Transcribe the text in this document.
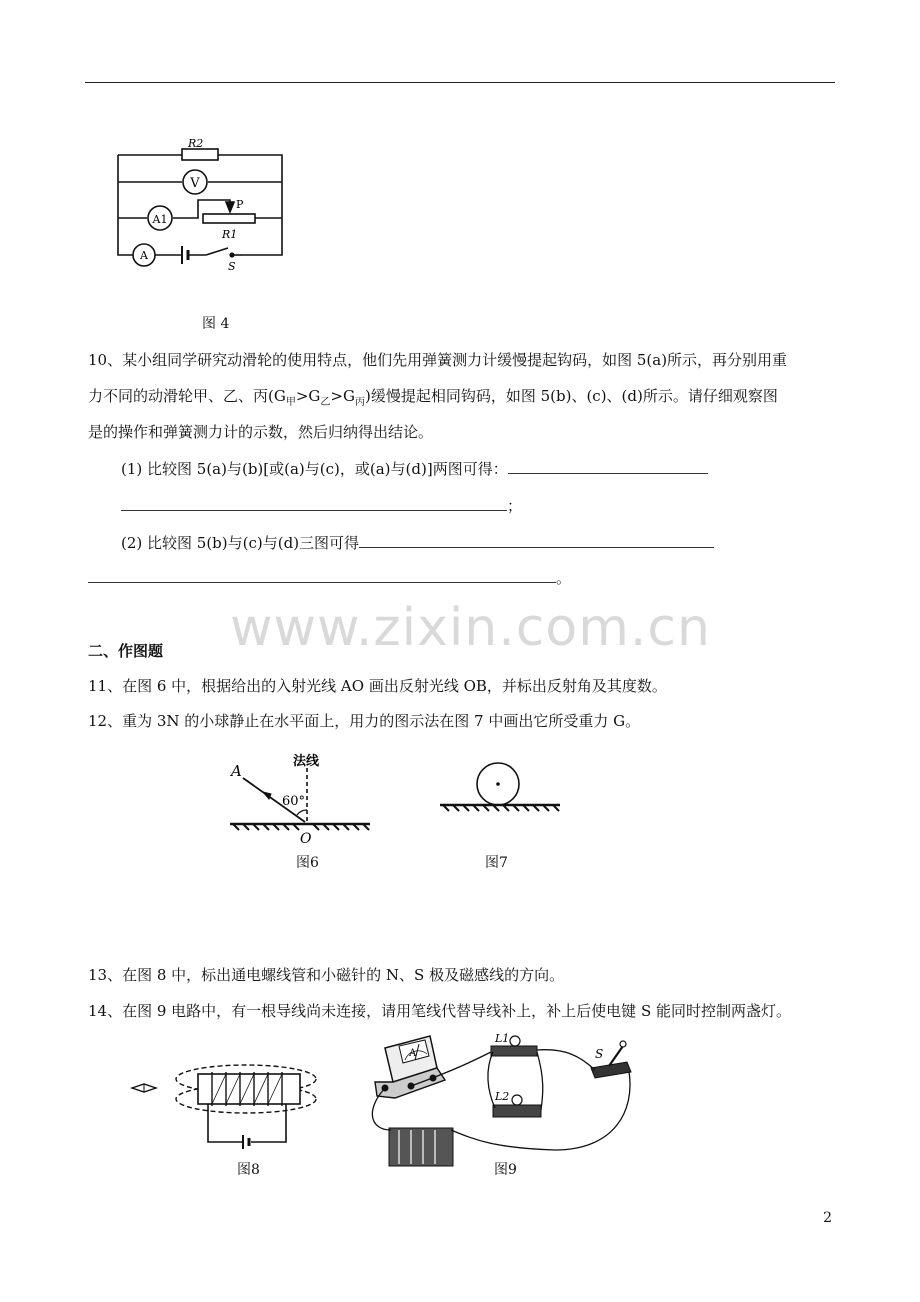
R2
V
A1
P
R1
A
S
图 4
10、某小组同学研究动滑轮的使用特点，他们先用弹簧测力计缓慢提起钩码，如图 5(a)所示，再分别用重
力不同的动滑轮甲、乙、丙$(G_甲>G_乙>G_丙)$缓慢提起相同钩码，如图 5(b)、(c)、(d)所示。请仔细观察图
是的操作和弹簧测力计的示数，然后归纳得出结论。
(1) 比较图 5(a)与(b)[或(a)与(c)，或(a)与(d)]两图可得：
；
(2) 比较图 5(b)与(c)与(d)三图可得
。
www.zixin.com.cn
二、作图题
11、在图 6 中，根据给出的入射光线 AO 画出反射光线 OB，并标出反射角及其度数。
12、重为 3N 的小球静止在水平面上，用力的图示法在图 7 中画出它所受重力 G。
A
法线
60°
O
图6	图7
13、在图 8 中，标出通电螺线管和小磁针的 N、S 极及磁感线的方向。
14、在图 9 电路中，有一根导线尚未连接，请用笔线代替导线补上，补上后使电键 S 能同时控制两盏灯。
图8
A
L1
L2
S
图9
2
